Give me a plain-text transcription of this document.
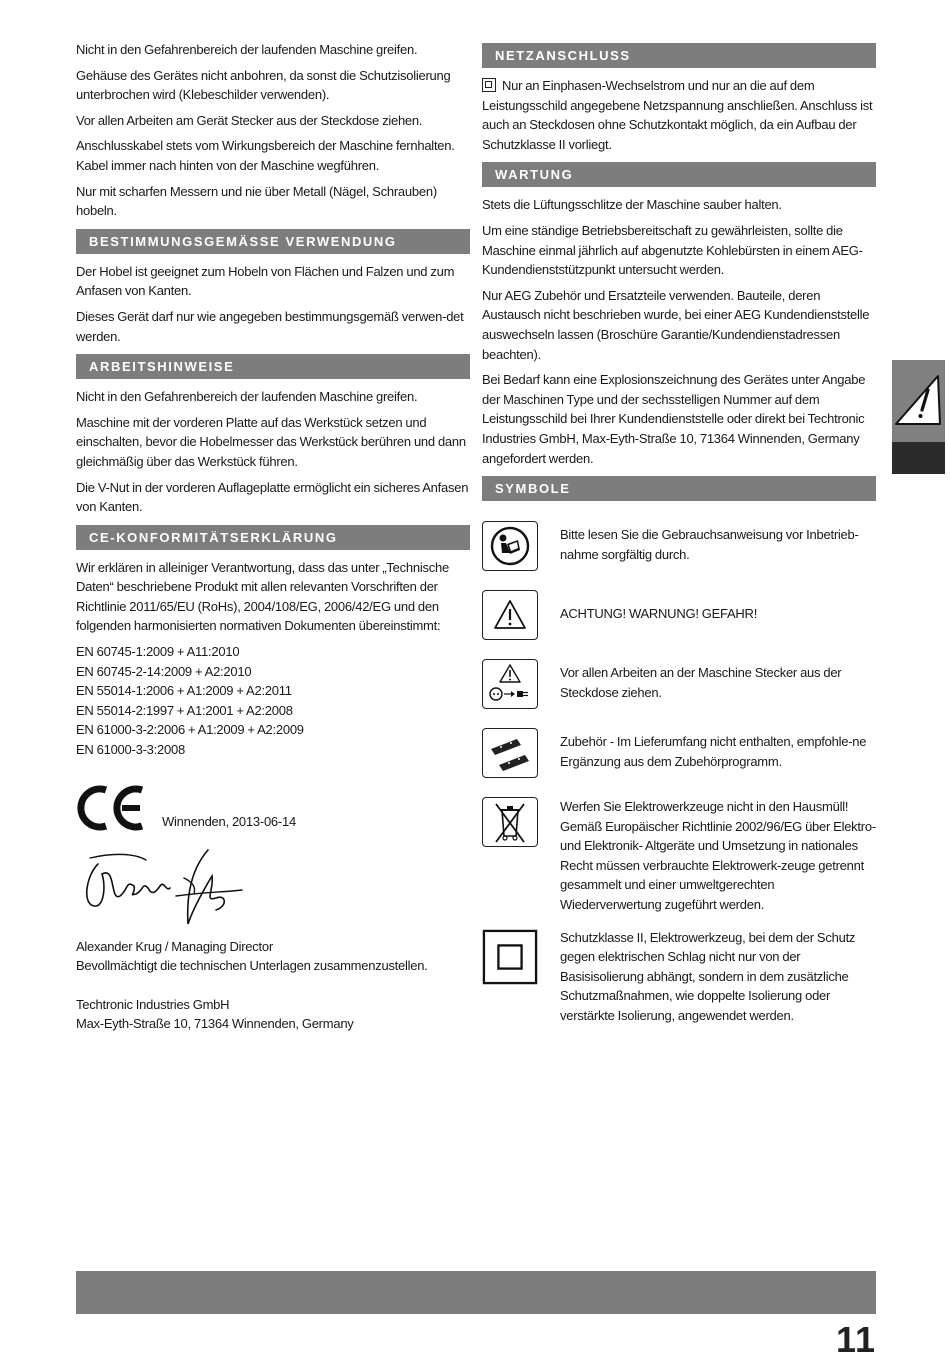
Nicht in den Gefahrenbereich der laufenden Maschine greifen.

Gehäuse des Gerätes nicht anbohren, da sonst die Schutzisolierung unterbrochen wird (Klebeschilder verwenden).

Vor allen Arbeiten am Gerät Stecker aus der Steckdose ziehen.

Anschlusskabel stets vom Wirkungsbereich der Maschine fernhalten. Kabel immer nach hinten von der Maschine wegführen.

Nur mit scharfen Messern und nie über Metall (Nägel, Schrauben) hobeln.

BESTIMMUNGSGEMÄSSE VERWENDUNG

Der Hobel ist geeignet zum Hobeln von Flächen und Falzen und zum Anfasen von Kanten.

Dieses Gerät darf nur wie angegeben bestimmungsgemäß verwen-det werden.

ARBEITSHINWEISE

Nicht in den Gefahrenbereich der laufenden Maschine greifen.

Maschine mit der vorderen Platte auf das Werkstück setzen und einschalten, bevor die Hobelmesser das Werkstück berühren und dann gleichmäßig über das Werkstück führen.

Die V-Nut in der vorderen Auflageplatte ermöglicht ein sicheres Anfasen von Kanten.

CE-KONFORMITÄTSERKLÄRUNG

Wir erklären in alleiniger Verantwortung, dass das unter „Technische Daten“ beschriebene Produkt mit allen relevanten Vorschriften der Richtlinie 2011/65/EU (RoHs), 2004/108/EG, 2006/42/EG und den folgenden harmonisierten normativen Dokumenten übereinstimmt:

EN 60745-1:2009 + A11:2010

EN 60745-2-14:2009 + A2:2010

EN 55014-1:2006 + A1:2009 + A2:2011

EN 55014-2:1997 + A1:2001 + A2:2008

EN 61000-3-2:2006 + A1:2009 + A2:2009

EN 61000-3-3:2008

Winnenden, 2013-06-14

Alexander Krug / Managing Director

Bevollmächtigt die technischen Unterlagen zusammenzustellen.

Techtronic Industries GmbH

Max-Eyth-Straße 10, 71364 Winnenden, Germany

NETZANSCHLUSS

Nur an Einphasen-Wechselstrom und nur an die auf dem Leistungsschild angegebene Netzspannung anschließen. Anschluss ist auch an Steckdosen ohne Schutzkontakt möglich, da ein Aufbau der Schutzklasse II vorliegt.

WARTUNG

Stets die Lüftungsschlitze der Maschine sauber halten.

Um eine ständige Betriebsbereitschaft zu gewährleisten, sollte die Maschine einmal jährlich auf abgenutzte Kohlebürsten in einem AEG-Kundendienststützpunkt untersucht werden.

Nur AEG Zubehör und Ersatzteile verwenden. Bauteile, deren Austausch nicht beschrieben wurde, bei einer AEG Kundendienststelle auswechseln lassen (Broschüre Garantie/Kundendienstadressen beachten).

Bei Bedarf kann eine Explosionszeichnung des Gerätes unter Angabe der Maschinen Type und der sechsstelligen Nummer auf dem Leistungsschild bei Ihrer Kundendienststelle oder direkt bei Techtronic Industries GmbH, Max-Eyth-Straße 10, 71364 Winnenden, Germany angefordert werden.

SYMBOLE

Bitte lesen Sie die Gebrauchsanweisung vor Inbetrieb-nahme sorgfältig durch.

ACHTUNG! WARNUNG! GEFAHR!

Vor allen Arbeiten an der Maschine Stecker aus der Steckdose ziehen.

Zubehör - Im Lieferumfang nicht enthalten, empfohle-ne Ergänzung aus dem Zubehörprogramm.

Werfen Sie Elektrowerkzeuge nicht in den Hausmüll! Gemäß Europäischer Richtlinie 2002/96/EG über Elektro- und Elektronik- Altgeräte und Umsetzung in nationales Recht müssen verbrauchte Elektrowerk-zeuge getrennt gesammelt und einer umweltgerechten Wiederverwertung zugeführt werden.

Schutzklasse II, Elektrowerkzeug, bei dem der Schutz gegen elektrischen Schlag nicht nur von der Basisisolierung abhängt, sondern in dem zusätzliche Schutzmaßnahmen, wie doppelte Isolierung oder verstärkte Isolierung, angewendet werden.

11
